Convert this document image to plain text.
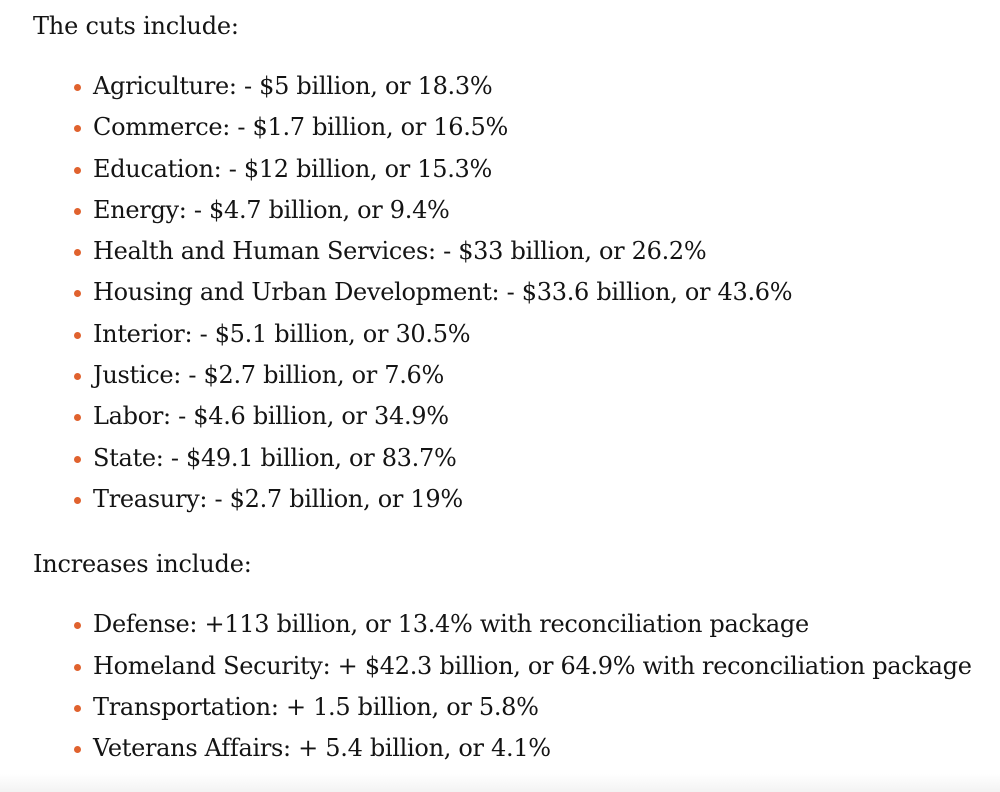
The cuts include:

Agriculture: - $5 billion, or 18.3%
Commerce: - $1.7 billion, or 16.5%
Education: - $12 billion, or 15.3%
Energy: - $4.7 billion, or 9.4%
Health and Human Services: - $33 billion, or 26.2%
Housing and Urban Development: - $33.6 billion, or 43.6%
Interior: - $5.1 billion, or 30.5%
Justice: - $2.7 billion, or 7.6%
Labor: - $4.6 billion, or 34.9%
State: - $49.1 billion, or 83.7%
Treasury: - $2.7 billion, or 19%

Increases include:

Defense: +113 billion, or 13.4% with reconciliation package
Homeland Security: + $42.3 billion, or 64.9% with reconciliation package
Transportation: + 1.5 billion, or 5.8%
Veterans Affairs: + 5.4 billion, or 4.1%
